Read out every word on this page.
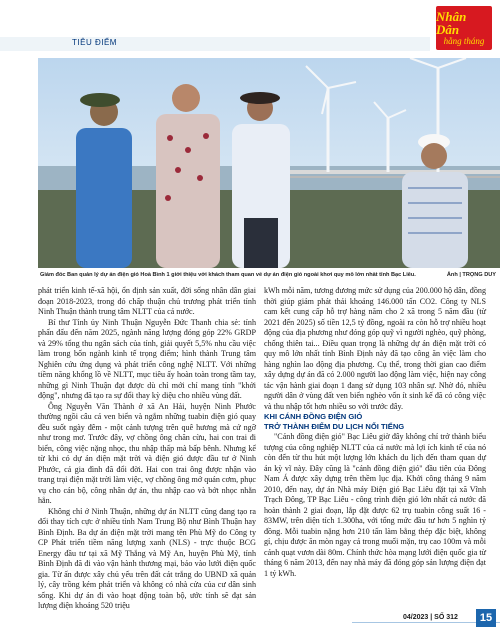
TIÊU ĐIỂM
Nhân Dân
hằng tháng
Giám đốc Ban quản lý dự án điện gió Hoà Bình 1 giới thiệu với khách tham quan về dự án điện gió ngoài khơi quy mô lớn nhất tỉnh Bạc Liêu.	Ảnh | TRỌNG DUY

phát triển kinh tế-xã hội, ổn định sản xuất, đời sống nhân dân giai đoạn 2018-2023, trong đó chấp thuận chủ trương phát triển tỉnh Ninh Thuận thành trung tâm NLTT của cả nước.

Bí thư Tỉnh ủy Ninh Thuận Nguyễn Đức Thanh chia sẻ: tính phấn đấu đến năm 2025, ngành năng lượng đóng góp 22% GRDP và 29% tổng thu ngân sách của tỉnh, giải quyết 5,5% nhu cầu việc làm trong bốn ngành kinh tế trọng điểm; hình thành Trung tâm Nghiên cứu ứng dụng và phát triển công nghệ NLTT. Với những tiềm năng khổng lồ về NLTT, mục tiêu ấy hoàn toàn trong tầm tay, những gì Ninh Thuận đạt được dù chỉ mới chỉ mang tính "khởi động", nhưng đã tạo ra sự đổi thay kỳ diệu cho nhiều vùng đất.

Ông Nguyễn Văn Thành ở xã An Hải, huyện Ninh Phước thường ngồi câu cá ven biển và ngắm những tuabin điện gió quay đều suốt ngày đêm - một cảnh tượng trên quê hương mà cứ ngỡ như trong mơ. Trước đây, vợ chồng ông chăn cừu, hai con trai đi biển, công việc nặng nhọc, thu nhập thấp mà bấp bênh. Nhưng kể từ khi có dự án điện mặt trời và điện gió được đầu tư ở Ninh Phước, cả gia đình đã đổi đời. Hai con trai ông được nhận vào trang trại điện mặt trời làm việc, vợ chồng ông mở quán cơm, phục vụ cho cán bộ, công nhân dự án, thu nhập cao và bớt nhọc nhằn hẳn.

Không chỉ ở Ninh Thuận, những dự án NLTT cũng đang tạo ra đổi thay tích cực ở nhiều tỉnh Nam Trung Bộ như Bình Thuận hay Bình Định. Ba dự án điện mặt trời mang tên Phù Mỹ do Công ty CP Phát triển tiềm năng lượng xanh (NLS) - trực thuộc BCG Energy đầu tư tại xã Mỹ Thắng và Mỹ An, huyện Phù Mỹ, tỉnh Bình Định đã đi vào vận hành thương mại, bảo vào lưới điện quốc gia. Từ ấn được xây chủ yếu trên đất cát trắng do UBND xã quản lý, cây trồng kém phát triển và không có nhà cửa của cư dân sinh sống. Khi dự án đi vào hoạt động toàn bộ, ước tính sẽ đạt sản lượng điện khoảng 520 triệu

kWh mỗi năm, tương đương mức sử dụng của 200.000 hộ dân, đồng thời giúp giảm phát thải khoảng 146.000 tấn CO2. Công ty NLS cam kết cung cấp hỗ trợ hàng năm cho 2 xã trong 5 năm đầu (từ 2021 đến 2025) số tiền 12,5 tỷ đồng, ngoài ra còn hỗ trợ nhiều hoạt động của địa phương như đóng góp quỹ vì người nghèo, quỹ phòng, chống thiên tai... Điều quan trọng là những dự án điện mặt trời có quy mô lớn nhất tỉnh Bình Định này đã tạo công ăn việc làm cho hàng nghìn lao động địa phương. Cụ thể, trong thời gian cao điểm xây dựng dự án đã có 2.000 người lao động làm việc, hiện nay công tác vận hành giai đoạn 1 đang sử dụng 103 nhân sự. Nhờ đó, nhiều người dân ở vùng đất ven biển nghèo vốn ít sinh kế đã có công việc và thu nhập tốt hơn nhiều so với trước đây.

KHI CÁNH ĐỒNG ĐIỆN GIÓ
TRỞ THÀNH ĐIỂM DU LỊCH NỔI TIẾNG

"Cánh đồng điện gió" Bạc Liêu giờ đây không chỉ trở thành biểu tượng của công nghiệp NLTT của cả nước mà lợi ích kinh tế của nó còn đến từ thu hút một lượng lớn khách du lịch đến tham quan dự án kỳ vĩ này. Đây cũng là "cánh đồng điện gió" đầu tiên của Đông Nam Á được xây dựng trên thềm lục địa. Khởi công tháng 9 năm 2010, đến nay, dự án Nhà máy Điện gió Bạc Liêu đặt tại xã Vĩnh Trạch Đông, TP Bạc Liêu - công trình điện gió lớn nhất cả nước đã hoàn thành 2 giai đoạn, lắp đặt được 62 trụ tuabin công suất 16 - 83MW, trên diện tích 1.300ha, với tổng mức đầu tư hơn 5 nghìn tỷ đồng. Mỗi tuabin nặng hơn 210 tấn làm bằng thép đặc biệt, không gỉ, chịu được ăn mòn ngay cả trong muối mặn, trụ cao 100m và mỗi cánh quạt vươn dài 80m. Chính thức hòa mạng lưới điện quốc gia từ tháng 6 năm 2013, đến nay nhà máy đã đóng góp sản lượng điện đạt 1 tỷ kWh.

04/2023 | SỐ 312	15
